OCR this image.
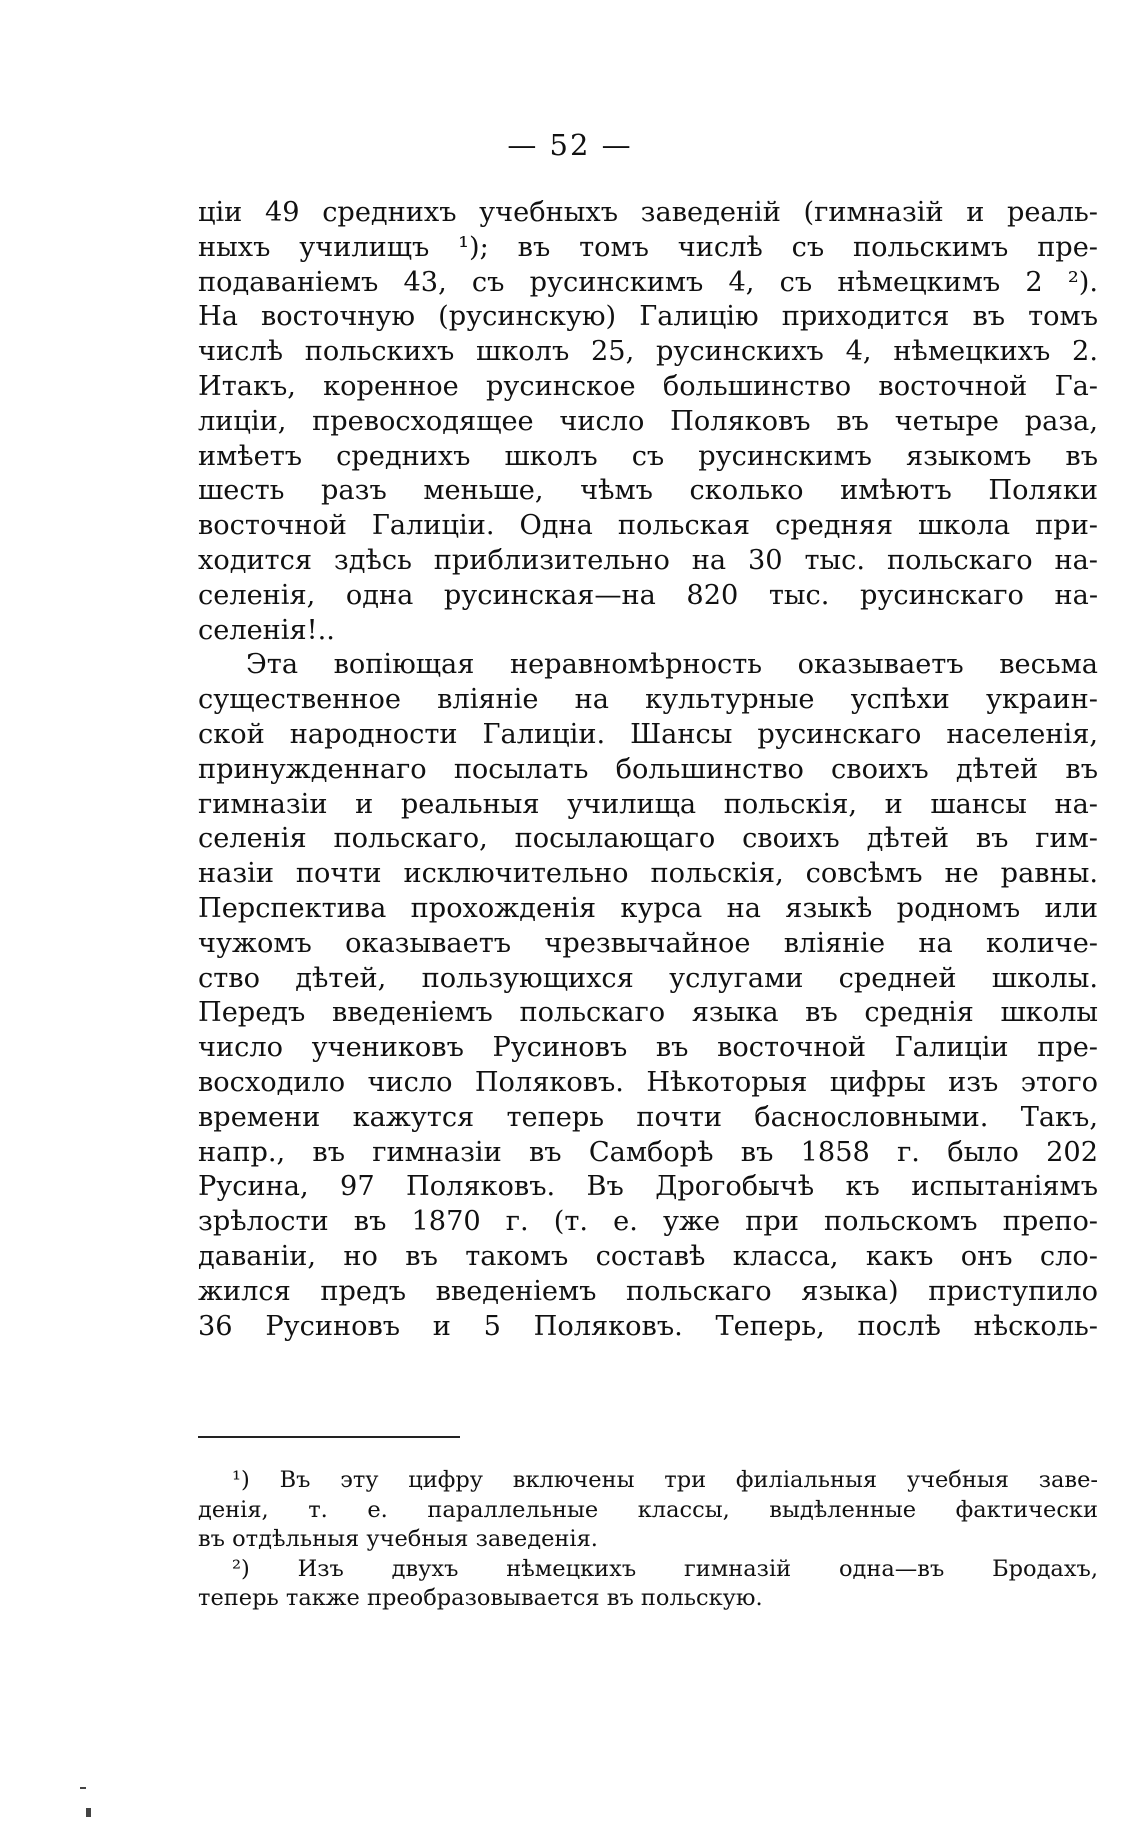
— 52 —
ціи 49 среднихъ учебныхъ заведеній (гимназій и реаль-
ныхъ училищъ ¹); въ томъ числѣ съ польскимъ пре-
подаваніемъ 43, съ русинскимъ 4, съ нѣмецкимъ 2 ²).
На восточную (русинскую) Галицію приходится въ томъ
числѣ польскихъ школъ 25, русинскихъ 4, нѣмецкихъ 2.
Итакъ, коренное русинское большинство восточной Га-
лиціи, превосходящее число Поляковъ въ четыре раза,
имѣетъ среднихъ школъ съ русинскимъ языкомъ въ
шесть разъ меньше, чѣмъ сколько имѣютъ Поляки
восточной Галиціи. Одна польская средняя школа при-
ходится здѣсь приблизительно на 30 тыс. польскаго на-
селенія, одна русинская—на 820 тыс. русинскаго на-
селенія!..
Эта вопіющая неравномѣрность оказываетъ весьма
существенное вліяніе на культурные успѣхи украин-
ской народности Галиціи. Шансы русинскаго населенія,
принужденнаго посылать большинство своихъ дѣтей въ
гимназіи и реальныя училища польскія, и шансы на-
селенія польскаго, посылающаго своихъ дѣтей въ гим-
назіи почти исключительно польскія, совсѣмъ не равны.
Перспектива прохожденія курса на языкѣ родномъ или
чужомъ оказываетъ чрезвычайное вліяніе на количе-
ство дѣтей, пользующихся услугами средней школы.
Передъ введеніемъ польскаго языка въ среднія школы
число учениковъ Русиновъ въ восточной Галиціи пре-
восходило число Поляковъ. Нѣкоторыя цифры изъ этого
времени кажутся теперь почти баснословными. Такъ,
напр., въ гимназіи въ Самборѣ въ 1858 г. было 202
Русина, 97 Поляковъ. Въ Дрогобычѣ къ испытаніямъ
зрѣлости въ 1870 г. (т. е. уже при польскомъ препо-
даваніи, но въ такомъ составѣ класса, какъ онъ сло-
жился предъ введеніемъ польскаго языка) приступило
36 Русиновъ и 5 Поляковъ. Теперь, послѣ нѣсколь-
¹) Въ эту цифру включены три филіальныя учебныя заве-
денія, т. е. параллельные классы, выдѣленные фактически
въ отдѣльныя учебныя заведенія.
²) Изъ двухъ нѣмецкихъ гимназій одна—въ Бродахъ,
теперь также преобразовывается въ польскую.
